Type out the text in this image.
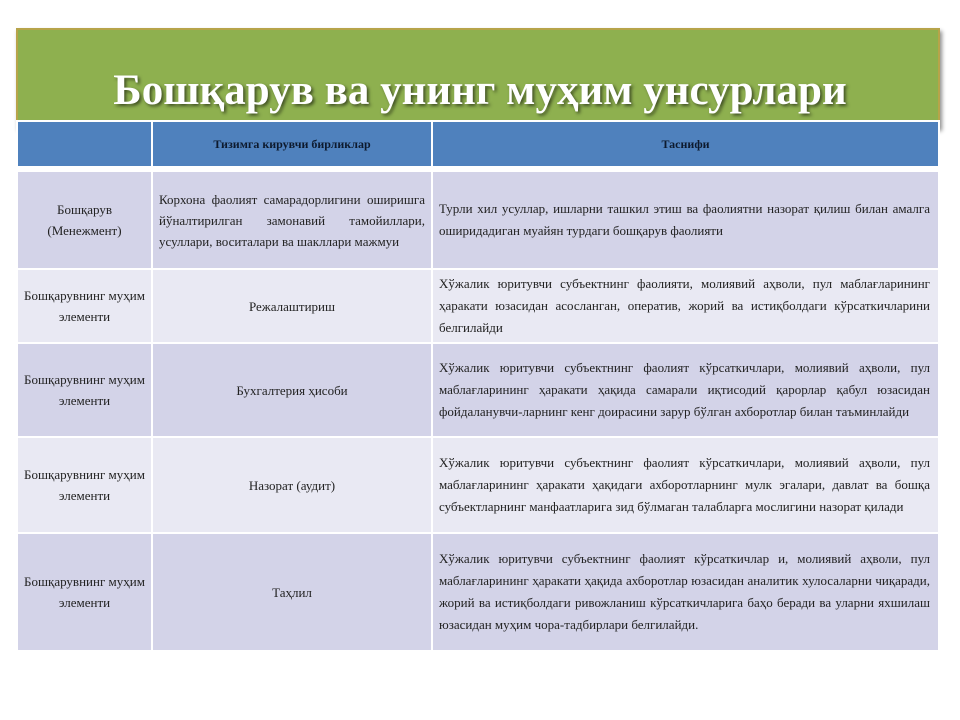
Бошқарув ва унинг муҳим унсурлари
	Тизимга кирувчи бирликлар	Таснифи

Бошқарув (Менежмент)	Корхона фаолият самарадорлигини оширишга йўналтирилган замонавий тамойиллари, усуллари, воситалари ва шакллари мажмуи	Турли хил усуллар, ишларни ташкил этиш ва фаолиятни назорат қилиш билан амалга оширидадиган муайян турдаги бошқарув фаолияти
Бошқарувнинг муҳим элементи	Режалаштириш	Хўжалик юритувчи субъектнинг фаолияти, молиявий аҳволи, пул маблағларининг ҳаракати юзасидан асосланган, оператив, жорий ва истиқболдаги кўрсаткичларини белгилайди
Бошқарувнинг муҳим элементи	Бухгалтерия ҳисоби	Хўжалик юритувчи субъектнинг фаолият кўрсаткичлари, молиявий аҳволи, пул маблағларининг ҳаракати ҳақида самарали иқтисодий қарорлар қабул юзасидан фойдаланувчи-ларнинг кенг доирасини зарур бўлган ахборотлар билан таъминлайди
Бошқарувнинг муҳим элементи	Назорат (аудит)	Хўжалик юритувчи субъектнинг фаолият кўрсаткичлари, молиявий аҳволи, пул маблағларининг ҳаракати ҳақидаги ахборотларнинг мулк эгалари, давлат ва бошқа субъектларнинг манфаатларига зид бўлмаган талабларга мослигини назорат қилади
Бошқарувнинг муҳим элементи	Таҳлил	Хўжалик юритувчи субъектнинг фаолият кўрсаткичлар и, молиявий аҳволи, пул маблағларининг ҳаракати ҳақида ахборотлар юзасидан аналитик хулосаларни чиқаради, жорий ва истиқболдаги ривожланиш кўрсаткичларига баҳо беради ва уларни яхшилаш юзасидан муҳим чора-тадбирлари белгилайди.
